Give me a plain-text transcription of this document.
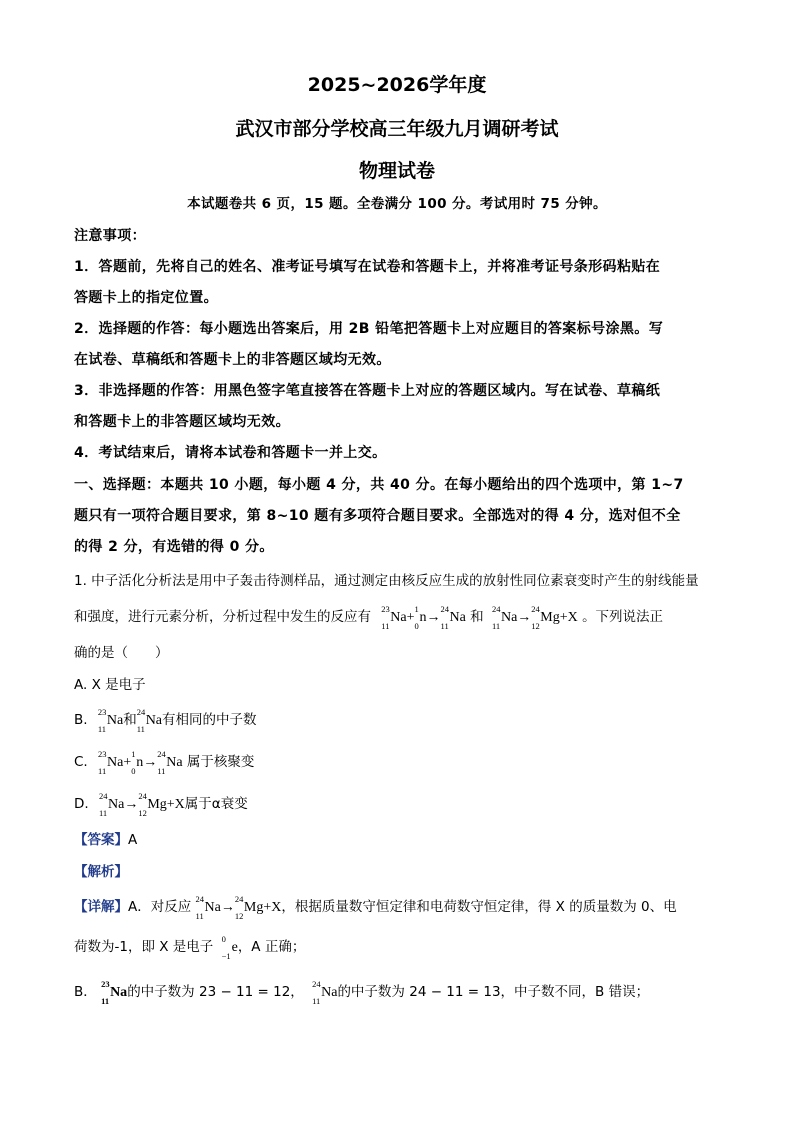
2025~2026学年度
武汉市部分学校高三年级九月调研考试
物理试卷
本试题卷共 6 页，15 题。全卷满分 100 分。考试用时 75 分钟。
注意事项：
1．答题前，先将自己的姓名、准考证号填写在试卷和答题卡上，并将准考证号条形码粘贴在
答题卡上的指定位置。
2．选择题的作答：每小题选出答案后，用 2B 铅笔把答题卡上对应题目的答案标号涂黑。写
在试卷、草稿纸和答题卡上的非答题区域均无效。
3．非选择题的作答：用黑色签字笔直接答在答题卡上对应的答题区域内。写在试卷、草稿纸
和答题卡上的非答题区域均无效。
4．考试结束后，请将本试卷和答题卡一并上交。
一、选择题：本题共 10 小题，每小题 4 分，共 40 分。在每小题给出的四个选项中，第 1~7
题只有一项符合题目要求，第 8~10 题有多项符合题目要求。全部选对的得 4 分，选对但不全
的得 2 分，有选错的得 0 分。
1. 中子活化分析法是用中子轰击待测样品，通过测定由核反应生成的放射性同位素衰变时产生的射线能量
和强度，进行元素分析，分析过程中发生的反应有 23
11
Na+
1
0
n→
24
11
Na 和 24
11
Na→
24
12
Mg+X 。下列说法正
确的是（　　）
A. X 是电子
B. 23
11
Na和 24
11
Na有相同的中子数
C. 23
11
Na+
1
0
n→
24
11
Na 属于核聚变
D. 24
11
Na→
24
12
Mg+X属于α衰变
【答案】A
【解析】
【详解】A．对反应 24
11
Na→
24
12
Mg+X，根据质量数守恒定律和电荷数守恒定律，得 X 的质量数为 0、电
荷数为-1，即 X 是电子 0
−1
e，A 正确；
B． 23
11
Na的中子数为 23 − 11 = 12， 24
11
Na的中子数为 24 − 11 = 13，中子数不同，B 错误；
